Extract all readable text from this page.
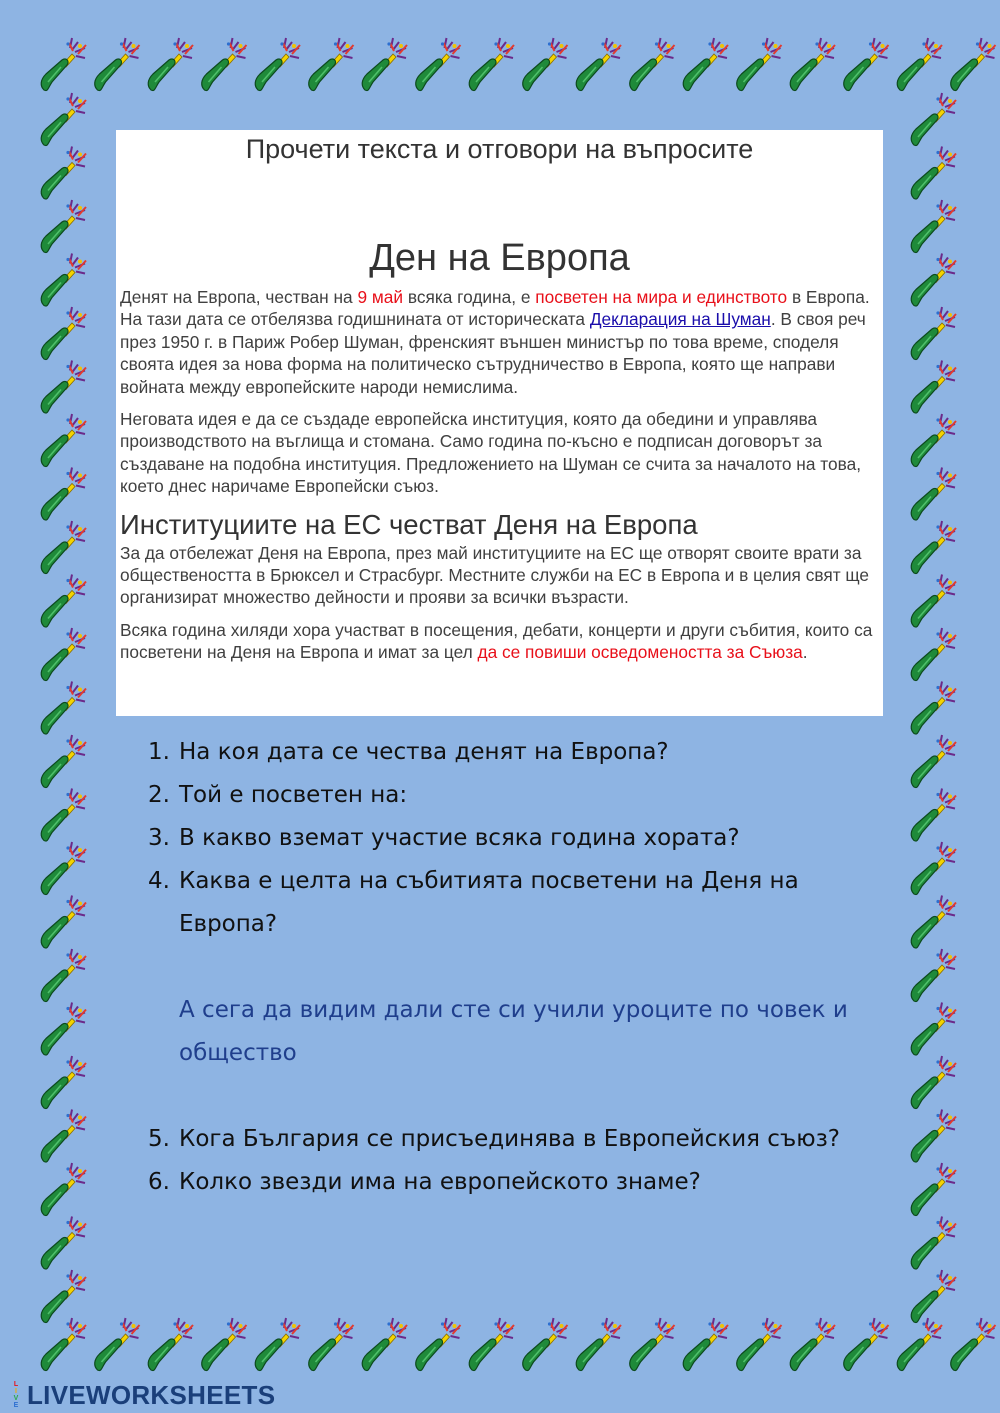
Прочети текста и отговори на въпросите
Ден на Европа

Денят на Европа, честван на 9 май всяка година, е посветен на мира и единството в Европа. На тази дата се отбелязва годишнината от историческата Декларация на Шуман. В своя реч през 1950 г. в Париж Робер Шуман, френският външен министър по това време, споделя своята идея за нова форма на политическо сътрудничество в Европа, която ще направи войната между европейските народи немислима.

Неговата идея е да се създаде европейска институция, която да обедини и управлява производството на въглища и стомана. Само година по-късно е подписан договорът за създаване на подобна институция. Предложението на Шуман се счита за началото на това, което днес наричаме Европейски съюз.

Институциите на ЕС честват Деня на Европа

За да отбележат Деня на Европа, през май институциите на ЕС ще отворят своите врати за обществеността в Брюксел и Страсбург. Местните служби на ЕС в Европа и в целия свят ще организират множество дейности и прояви за всички възрасти.

Всяка година хиляди хора участват в посещения, дебати, концерти и други събития, които са посветени на Деня на Европа и имат за цел да се повиши осведомеността за Съюза.

1. На коя дата се чества денят на Европа?
2. Той е посветен на:
3. В какво вземат участие всяка година хората?
4. Каква е целта на събитията посветени на Деня на Европа?
А сега да видим дали сте си учили уроците по човек и общество
5. Кога България се присъединява в Европейския съюз?
6. Колко звезди има на европейското знаме?
L
I
V
E LIVEWORKSHEETS
